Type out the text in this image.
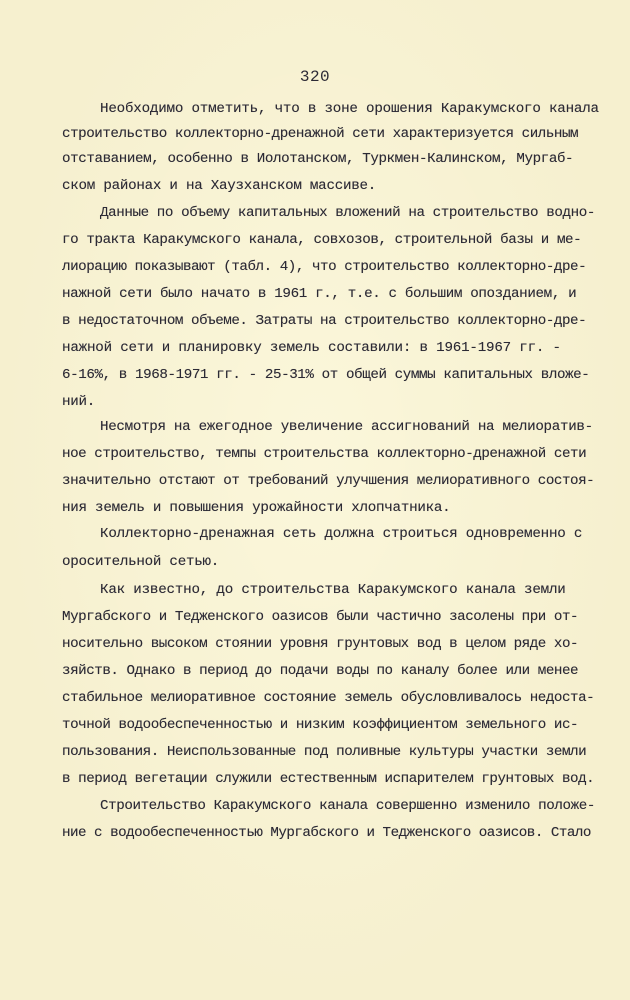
320
Необходимо отметить, что в зоне орошения Каракумского канала
строительство коллекторно-дренажной сети характеризуется сильным
отставанием, особенно в Иолотанском, Туркмен-Калинском, Мургаб-
ском районах и на Хаузханском массиве.
Данные по объему капитальных вложений на строительство водно-
го тракта Каракумского канала, совхозов, строительной базы и ме-
лиорацию показывают (табл. 4), что строительство коллекторно-дре-
нажной сети было начато в 1961 г., т.е. с большим опозданием, и
в недостаточном объеме. Затраты на строительство коллекторно-дре-
нажной сети и планировку земель составили: в 1961-1967 гг. -
6-16%, в 1968-1971 гг. - 25-31% от общей суммы капитальных вложе-
ний.
Несмотря на ежегодное увеличение ассигнований на мелиоратив-
ное строительство, темпы строительства коллекторно-дренажной сети
значительно отстают от требований улучшения мелиоративного состоя-
ния земель и повышения урожайности хлопчатника.
Коллекторно-дренажная сеть должна строиться одновременно с
оросительной сетью.
Как известно, до строительства Каракумского канала земли
Мургабского и Тедженского оазисов были частично засолены при от-
носительно высоком стоянии уровня грунтовых вод в целом ряде хо-
зяйств. Однако в период до подачи воды по каналу более или менее
стабильное мелиоративное состояние земель обусловливалось недоста-
точной водообеспеченностью и низким коэффициентом земельного ис-
пользования. Неиспользованные под поливные культуры участки земли
в период вегетации служили естественным испарителем грунтовых вод.
Строительство Каракумского канала совершенно изменило положе-
ние с водообеспеченностью Мургабского и Тедженского оазисов. Стало
